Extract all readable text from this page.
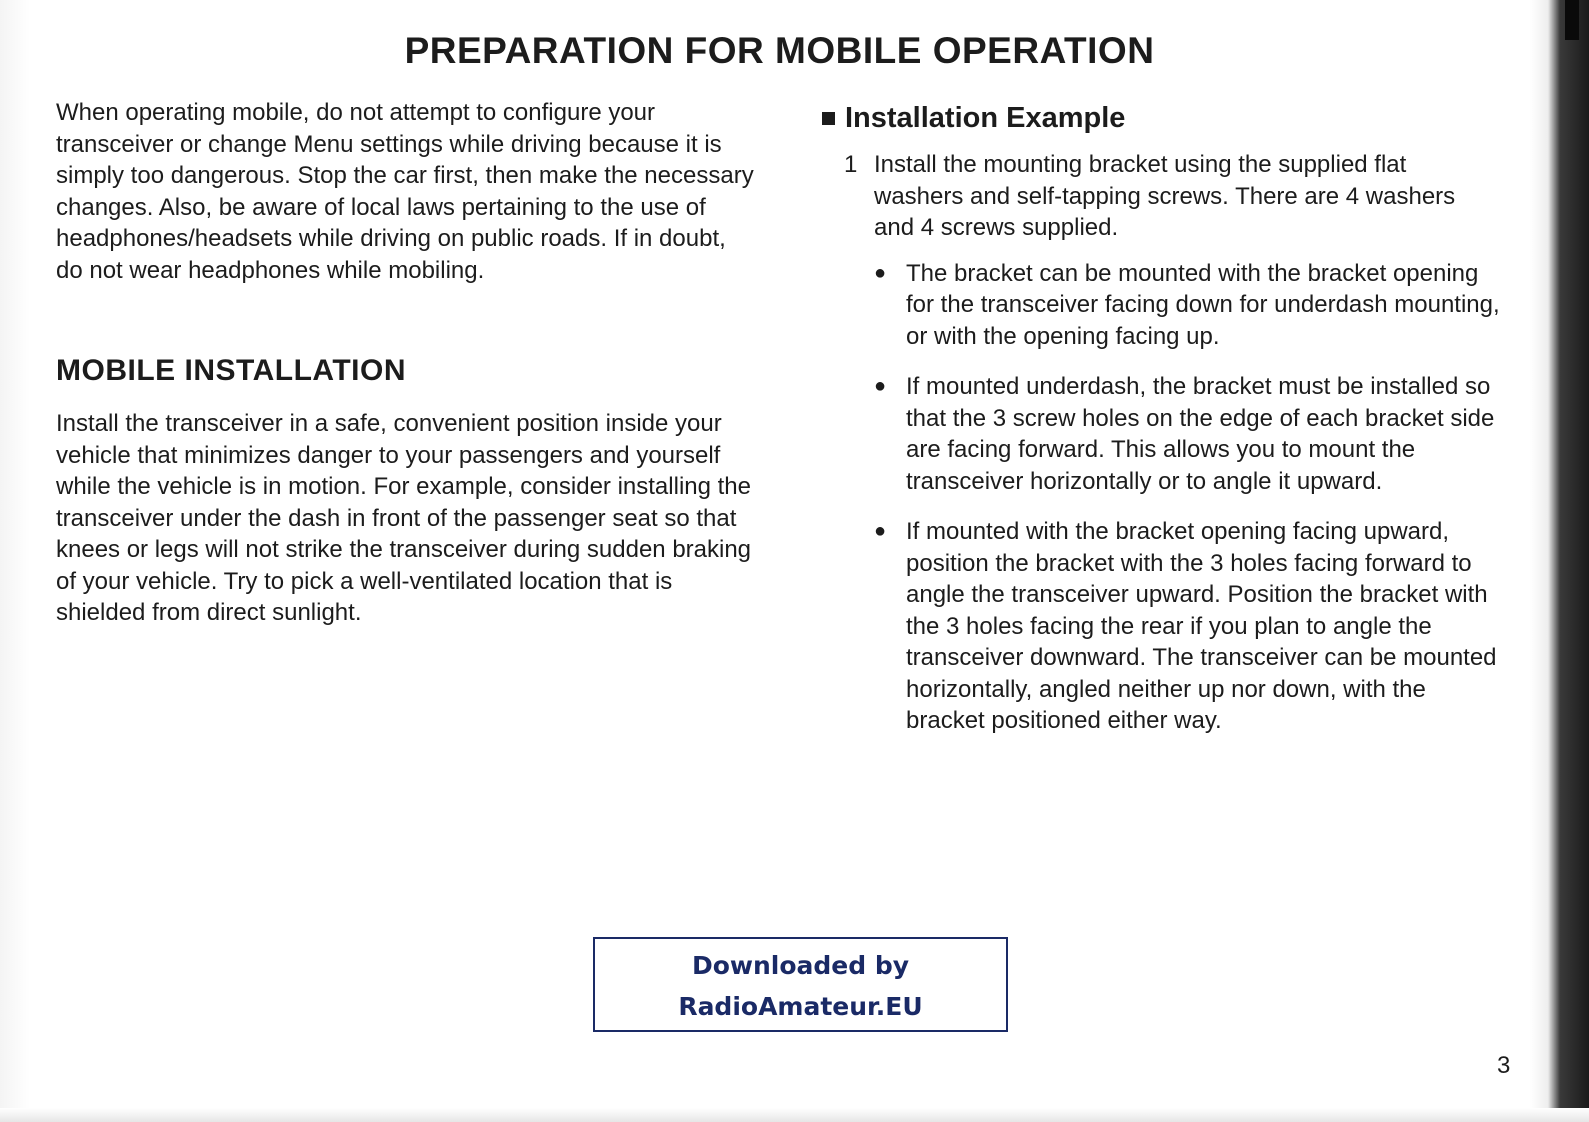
PREPARATION FOR MOBILE OPERATION

When operating mobile, do not attempt to configure your transceiver or change Menu settings while driving because it is simply too dangerous. Stop the car first, then make the necessary changes. Also, be aware of local laws pertaining to the use of headphones/headsets while driving on public roads. If in doubt, do not wear headphones while mobiling.

MOBILE INSTALLATION

Install the transceiver in a safe, convenient position inside your vehicle that minimizes danger to your passengers and yourself while the vehicle is in motion. For example, consider installing the transceiver under the dash in front of the passenger seat so that knees or legs will not strike the transceiver during sudden braking of your vehicle. Try to pick a well-ventilated location that is shielded from direct sunlight.

Installation Example
1 Install the mounting bracket using the supplied flat washers and self-tapping screws. There are 4 washers and 4 screws supplied.
● The bracket can be mounted with the bracket opening for the transceiver facing down for underdash mounting, or with the opening facing up.
● If mounted underdash, the bracket must be installed so that the 3 screw holes on the edge of each bracket side are facing forward. This allows you to mount the transceiver horizontally or to angle it upward.
● If mounted with the bracket opening facing upward, position the bracket with the 3 holes facing forward to angle the transceiver upward. Position the bracket with the 3 holes facing the rear if you plan to angle the transceiver downward. The transceiver can be mounted horizontally, angled neither up nor down, with the bracket positioned either way.
Downloaded by
RadioAmateur.EU
3
